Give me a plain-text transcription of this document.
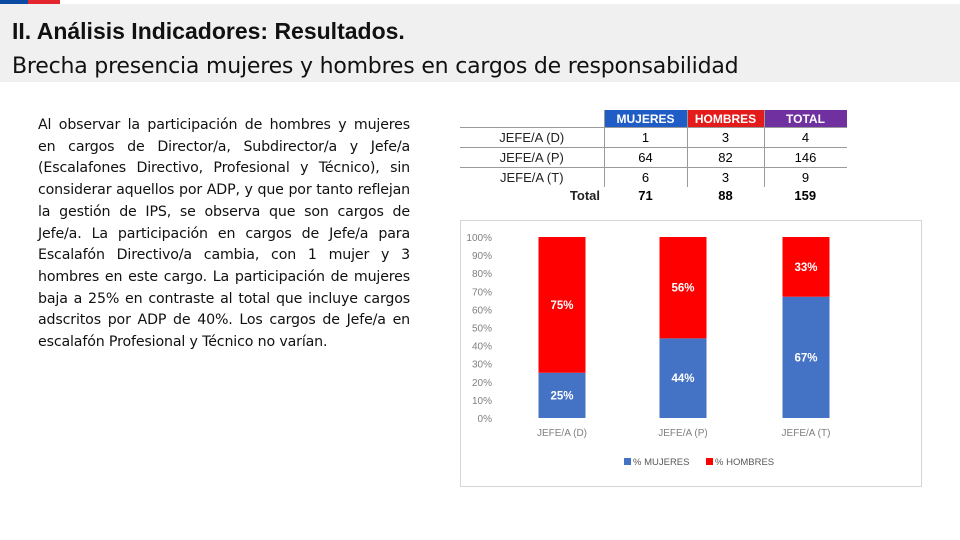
II. Análisis Indicadores: Resultados.
Brecha presencia mujeres y hombres en cargos de responsabilidad
Al observar la participación de hombres y mujeres en cargos de Director/a, Subdirector/a y Jefe/a (Escalafones Directivo, Profesional y Técnico), sin considerar aquellos por ADP, y que por tanto reflejan la gestión de IPS, se observa que son cargos de Jefe/a. La participación en cargos de Jefe/a para Escalafón Directivo/a cambia, con 1 mujer y 3 hombres en este cargo. La participación de mujeres baja a 25% en contraste al total que incluye cargos adscritos por ADP de 40%. Los cargos de Jefe/a en escalafón Profesional y Técnico no varían.
	MUJERES	HOMBRES	TOTAL
JEFE/A (D)	1	3	4
JEFE/A (P)	64	82	146
JEFE/A (T)	6	3	9
Total	71	88	159
0%
10%
20%
30%
40%
50%
60%
70%
80%
90%
100%
25%
75%
JEFE/A (D)
44%
56%
JEFE/A (P)
67%
33%
JEFE/A (T)
% MUJERES	% HOMBRES
